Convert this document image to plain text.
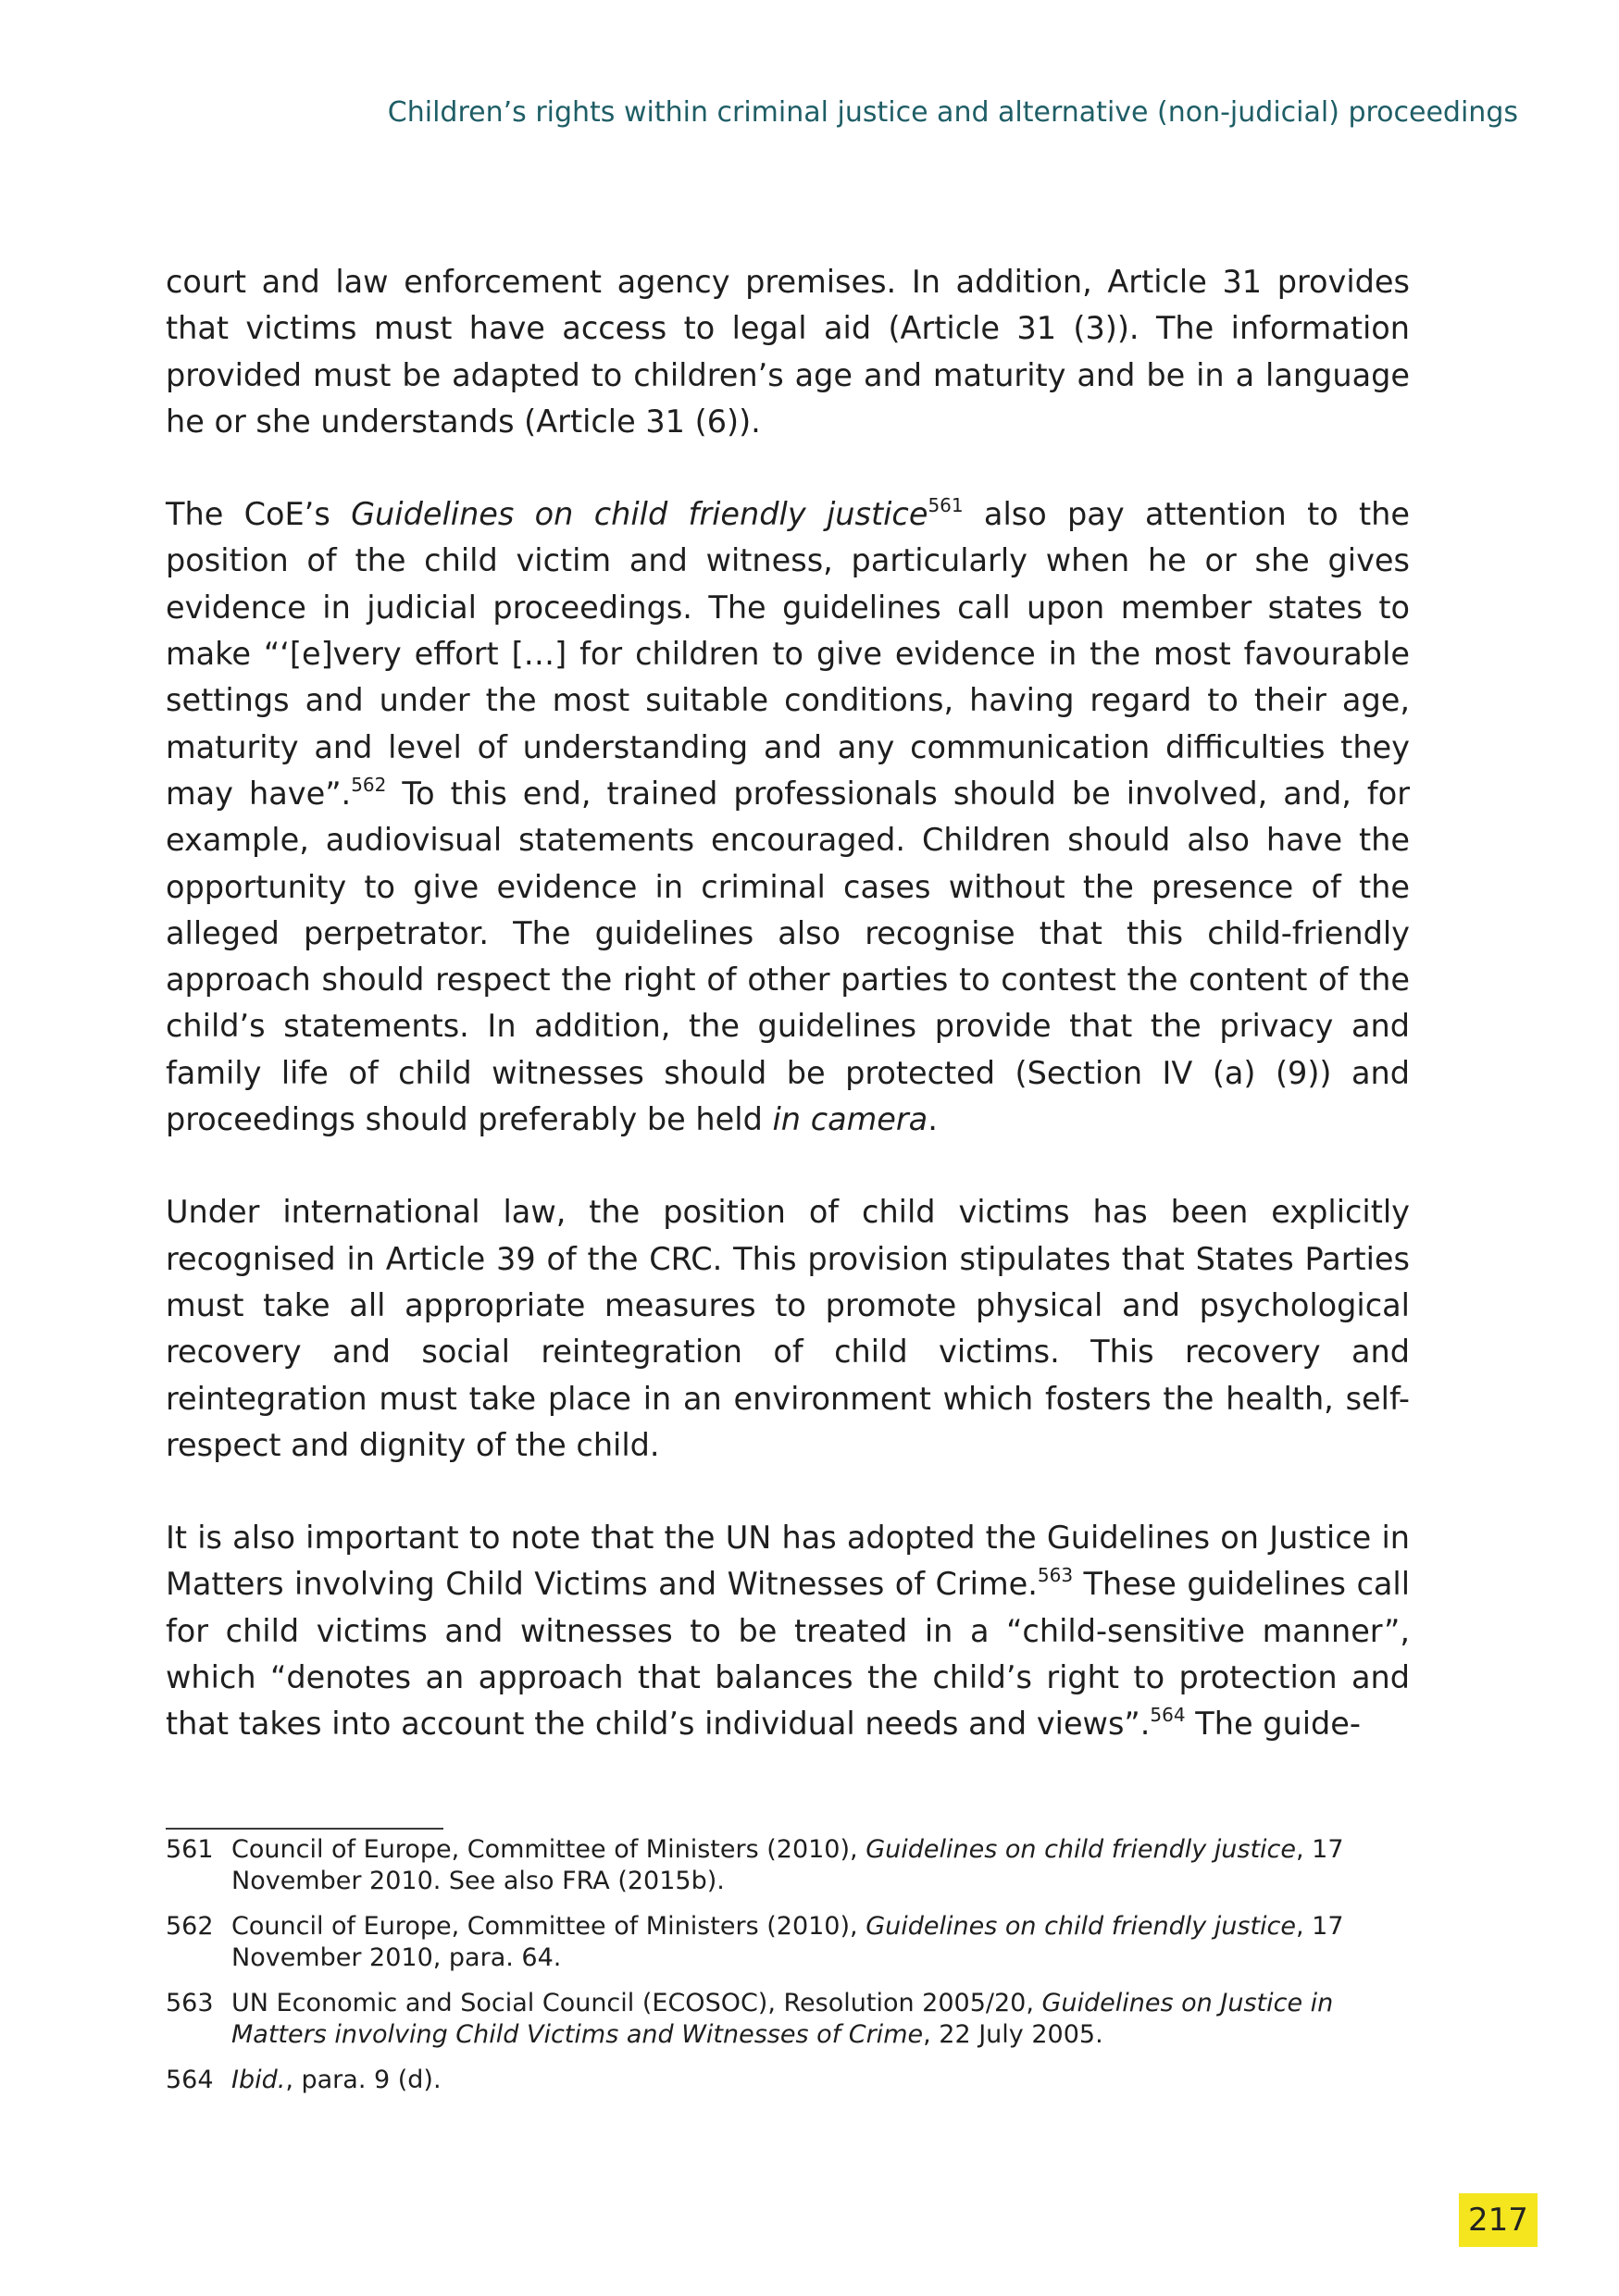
Children’s rights within criminal justice and alternative (non-judicial) proceedings

court and law enforcement agency premises. In addition, Article 31 provides that victims must have access to legal aid (Article 31 (3)). The information provided must be adapted to children’s age and maturity and be in a language he or she understands (Article 31 (6)).

The CoE’s Guidelines on child friendly justice$^{561}$ also pay attention to the position of the child victim and witness, particularly when he or she gives evidence in judicial proceedings. The guidelines call upon member states to make “‘[e]very effort […] for children to give evidence in the most favourable settings and under the most suitable conditions, having regard to their age, maturity and level of understanding and any communication difficulties they may have”.$^{562}$ To this end, trained professionals should be involved, and, for example, audiovisual statements encouraged. Children should also have the opportunity to give evidence in criminal cases without the presence of the alleged perpetrator. The guidelines also recognise that this child-friendly approach should respect the right of other parties to contest the content of the child’s statements. In addition, the guidelines provide that the privacy and family life of child witnesses should be protected (Section IV (a) (9)) and proceedings should preferably be held in camera.

Under international law, the position of child victims has been explicitly recognised in Article 39 of the CRC. This provision stipulates that States Parties must take all appropriate measures to promote physical and psychological recovery and social reintegration of child victims. This recovery and reintegration must take place in an environment which fosters the health, self-respect and dignity of the child.

It is also important to note that the UN has adopted the Guidelines on Justice in Matters involving Child Victims and Witnesses of Crime.$^{563}$ These guidelines call for child victims and witnesses to be treated in a “child-sensitive manner”, which “denotes an approach that balances the child’s right to protection and that takes into account the child’s individual needs and views”.$^{564}$ The guide-

561 Council of Europe, Committee of Ministers (2010), Guidelines on child friendly justice, 17 November 2010. See also FRA (2015b).
562 Council of Europe, Committee of Ministers (2010), Guidelines on child friendly justice, 17 November 2010, para. 64.
563 UN Economic and Social Council (ECOSOC), Resolution 2005/20, Guidelines on Justice in Matters involving Child Victims and Witnesses of Crime, 22 July 2005.
564 Ibid., para. 9 (d).
217
